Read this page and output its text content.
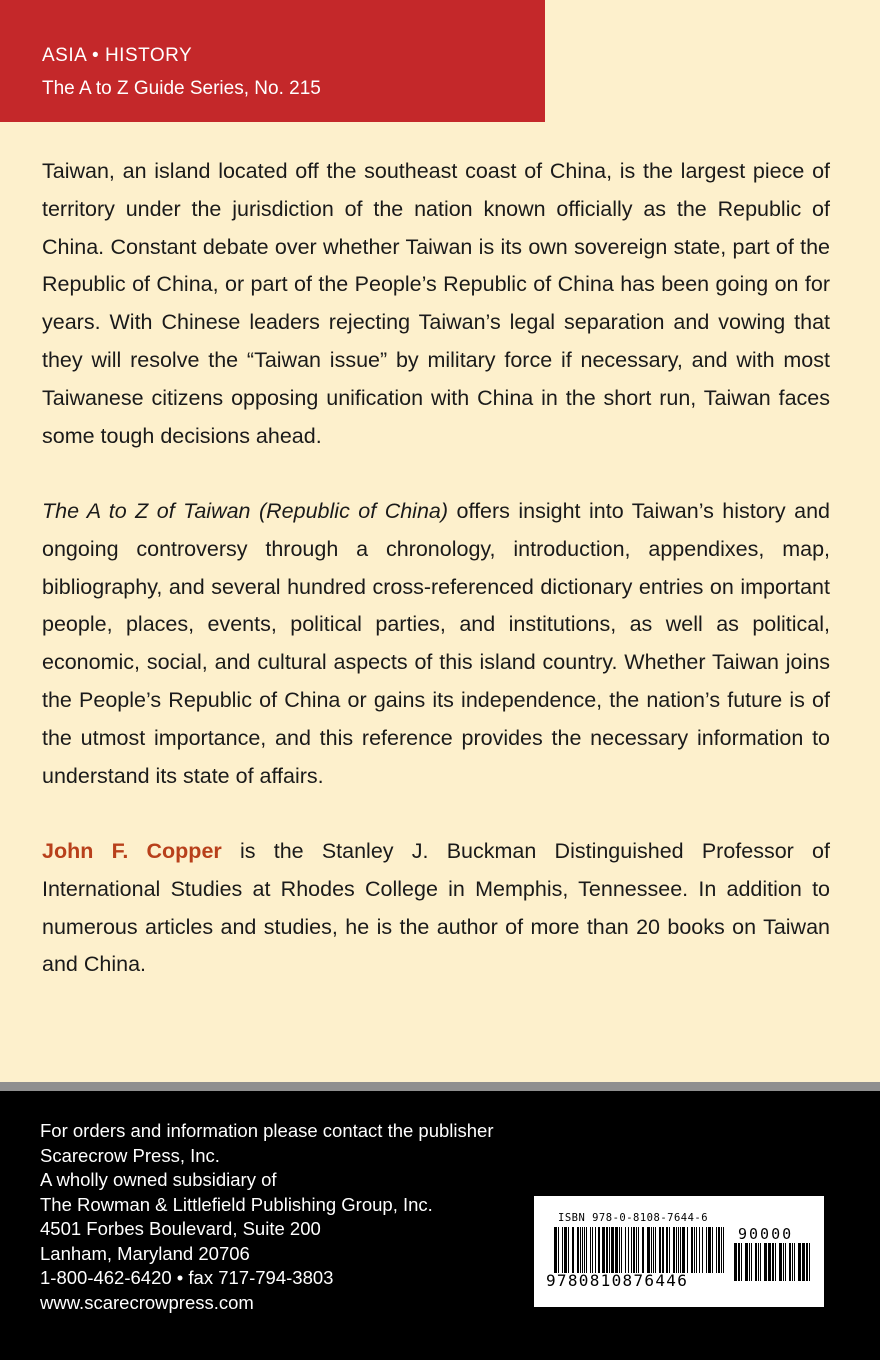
ASIA • HISTORY
The A to Z Guide Series, No. 215
Taiwan, an island located off the southeast coast of China, is the largest piece of territory under the jurisdiction of the nation known officially as the Republic of China. Constant debate over whether Taiwan is its own sovereign state, part of the Republic of China, or part of the People’s Republic of China has been going on for years. With Chinese leaders rejecting Taiwan’s legal separation and vowing that they will resolve the “Taiwan issue” by military force if necessary, and with most Taiwanese citizens opposing unification with China in the short run, Taiwan faces some tough decisions ahead.
The A to Z of Taiwan (Republic of China) offers insight into Taiwan’s history and ongoing controversy through a chronology, introduction, appendixes, map, bibliography, and several hundred cross-referenced dictionary entries on important people, places, events, political parties, and institutions, as well as political, economic, social, and cultural aspects of this island country. Whether Taiwan joins the People’s Republic of China or gains its independence, the nation’s future is of the utmost importance, and this reference provides the necessary information to understand its state of affairs.
John F. Copper is the Stanley J. Buckman Distinguished Professor of International Studies at Rhodes College in Memphis, Tennessee. In addition to numerous articles and studies, he is the author of more than 20 books on Taiwan and China.
For orders and information please contact the publisher
Scarecrow Press, Inc.
A wholly owned subsidiary of
The Rowman & Littlefield Publishing Group, Inc.
4501 Forbes Boulevard, Suite 200
Lanham, Maryland 20706
1-800-462-6420 • fax 717-794-3803
www.scarecrowpress.com
ISBN 978-0-8108-7644-6
90000
9780810876446
